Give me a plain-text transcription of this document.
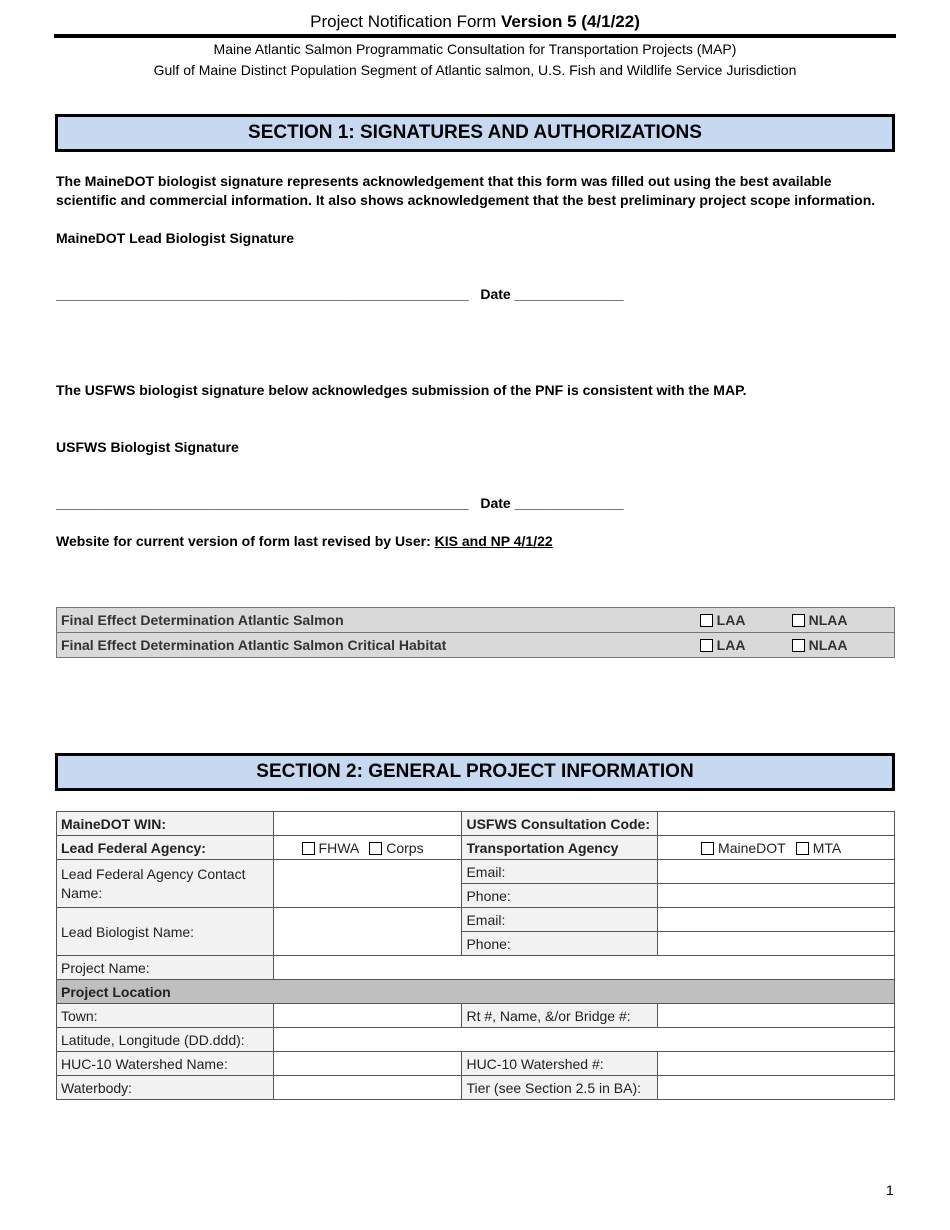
Project Notification Form Version 5 (4/1/22)
Maine Atlantic Salmon Programmatic Consultation for Transportation Projects (MAP)
Gulf of Maine Distinct Population Segment of Atlantic salmon, U.S. Fish and Wildlife Service Jurisdiction
SECTION 1: SIGNATURES AND AUTHORIZATIONS
The MaineDOT biologist signature represents acknowledgement that this form was filled out using the best available scientific and commercial information. It also shows acknowledgement that the best preliminary project scope information.
MaineDOT Lead Biologist Signature
_____________________________________________________   Date ______________
The USFWS biologist signature below acknowledges submission of the PNF is consistent with the MAP.
USFWS Biologist Signature
_____________________________________________________   Date ______________
Website for current version of form last revised by User: KIS and NP 4/1/22
Final Effect Determination Atlantic Salmon	LAA	NLAA
Final Effect Determination Atlantic Salmon Critical Habitat	LAA	NLAA
SECTION 2: GENERAL PROJECT INFORMATION
MaineDOT WIN:		USFWS Consultation Code:	
Lead Federal Agency:	FHWA Corps	Transportation Agency	MaineDOT MTA
Lead Federal Agency Contact Name:		Email:	
		Phone:	
Lead Biologist Name:		Email:	
		Phone:	
Project Name:			
Project Location			
Town:		Rt #, Name, &/or Bridge #:	
Latitude, Longitude (DD.ddd):			
HUC-10 Watershed Name:		HUC-10 Watershed #:	
Waterbody:		Tier (see Section 2.5 in BA):	
1
